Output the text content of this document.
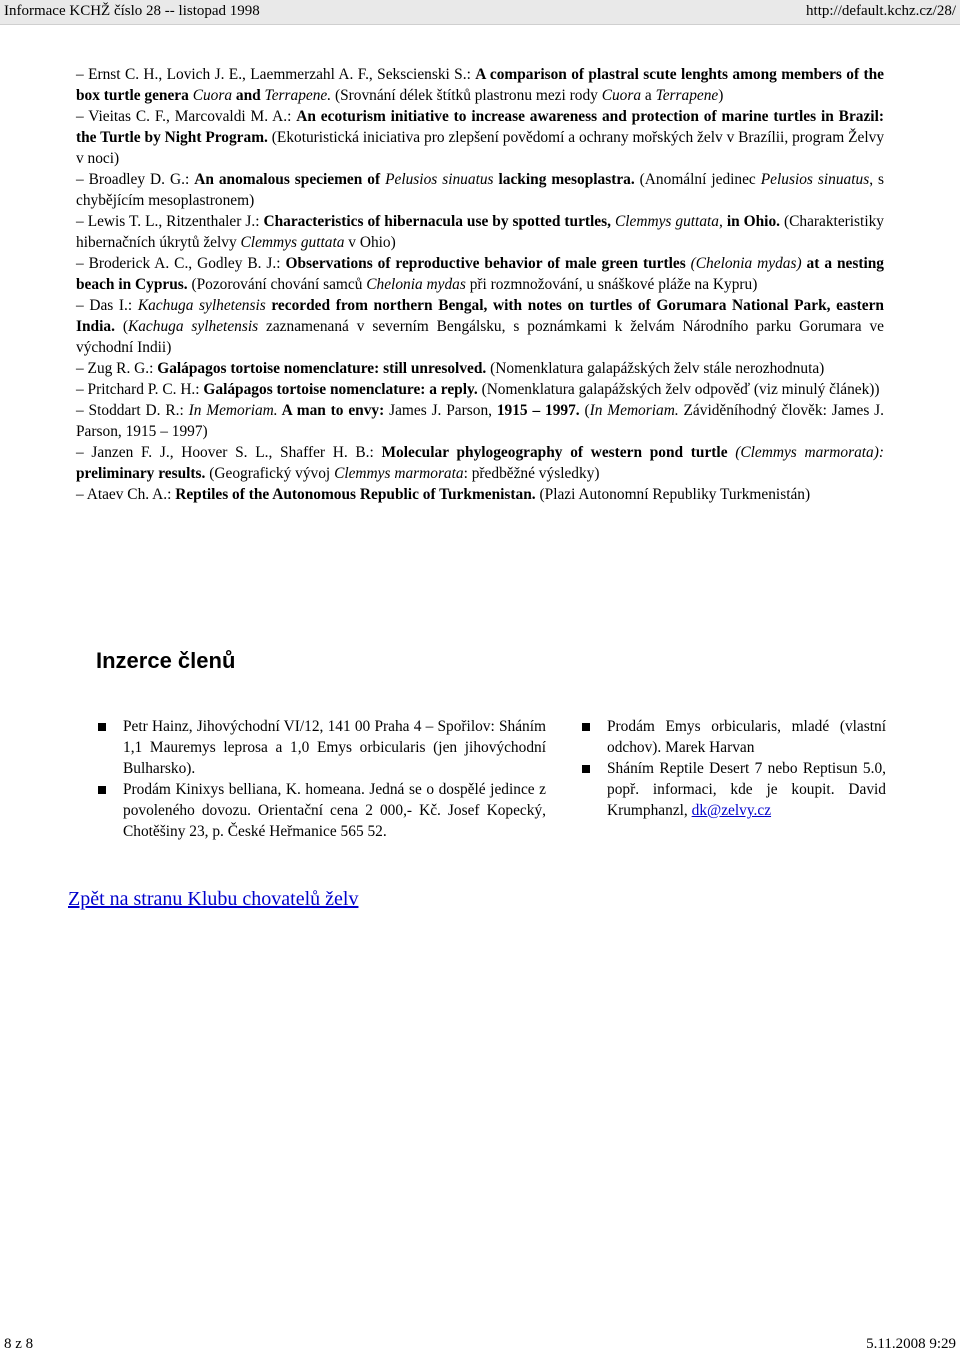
Informace KCHŽ číslo 28 -- listopad 1998	http://default.kchz.cz/28/

– Ernst C. H., Lovich J. E., Laemmerzahl A. F., Sekscienski S.: A comparison of plastral scute lenghts among members of the box turtle genera Cuora and Terrapene. (Srovnání délek štítků plastronu mezi rody Cuora a Terrapene)

– Vieitas C. F., Marcovaldi M. A.: An ecoturism initiative to increase awareness and protection of marine turtles in Brazil: the Turtle by Night Program. (Ekoturistická iniciativa pro zlepšení povědomí a ochrany mořských želv v Brazílii, program Želvy v noci)

– Broadley D. G.: An anomalous speciemen of Pelusios sinuatus lacking mesoplastra. (Anomální jedinec Pelusios sinuatus, s chybějícím mesoplastronem)

– Lewis T. L., Ritzenthaler J.: Characteristics of hibernacula use by spotted turtles, Clemmys guttata, in Ohio. (Charakteristiky hibernačních úkrytů želvy Clemmys guttata v Ohio)

– Broderick A. C., Godley B. J.: Observations of reproductive behavior of male green turtles (Chelonia mydas) at a nesting beach in Cyprus. (Pozorování chování samců Chelonia mydas při rozmnožování, u snáškové pláže na Kypru)

– Das I.: Kachuga sylhetensis recorded from northern Bengal, with notes on turtles of Gorumara National Park, eastern India. (Kachuga sylhetensis zaznamenaná v severním Bengálsku, s poznámkami k želvám Národního parku Gorumara ve východní Indii)

– Zug R. G.: Galápagos tortoise nomenclature: still unresolved. (Nomenklatura galapážských želv stále nerozhodnuta)

– Pritchard P. C. H.: Galápagos tortoise nomenclature: a reply. (Nomenklatura galapážských želv odpověď (viz minulý článek))

– Stoddart D. R.: In Memoriam. A man to envy: James J. Parson, 1915 – 1997. (In Memoriam. Záviděníhodný člověk: James J. Parson, 1915 – 1997)

– Janzen F. J., Hoover S. L., Shaffer H. B.: Molecular phylogeography of western pond turtle (Clemmys marmorata): preliminary results. (Geografický vývoj Clemmys marmorata: předběžné výsledky)

– Ataev Ch. A.: Reptiles of the Autonomous Republic of Turkmenistan. (Plazi Autonomní Republiky Turkmenistán)

Inzerce členů
Petr Hainz, Jihovýchodní VI/12, 141 00 Praha 4 – Spořilov: Sháním 1,1 Mauremys leprosa a 1,0 Emys orbicularis (jen jihovýchodní Bulharsko).
Prodám Kinixys belliana, K. homeana. Jedná se o dospělé jedince z povoleného dovozu. Orientační cena 2 000,- Kč. Josef Kopecký, Chotěšiny 23, p. České Heřmanice 565 52.
Prodám Emys orbicularis, mladé (vlastní odchov). Marek Harvan
Sháním Reptile Desert 7 nebo Reptisun 5.0, popř. informaci, kde je koupit. David Krumphanzl, dk@zelvy.cz
Zpět na stranu Klubu chovatelů želv
8 z 8	5.11.2008 9:29
